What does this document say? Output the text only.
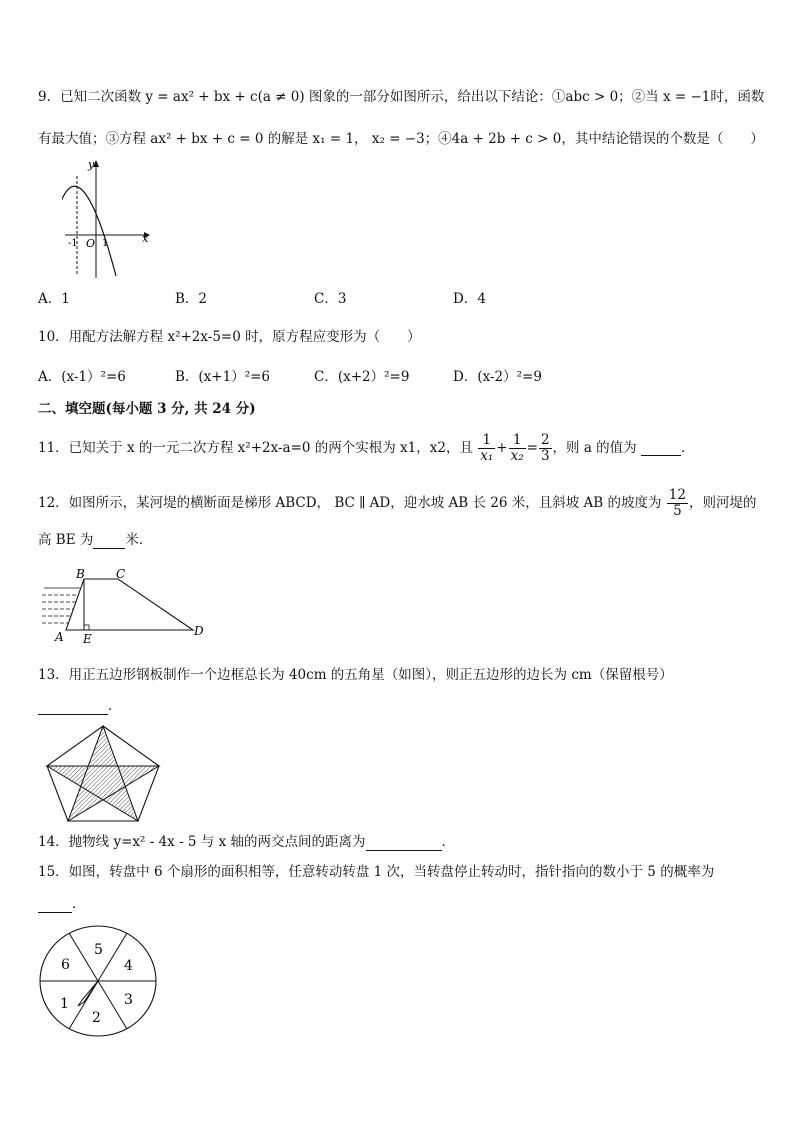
9．已知二次函数 y = ax² + bx + c(a ≠ 0) 图象的一部分如图所示，给出以下结论：①abc > 0；②当 x = −1时，函数
有最大值；③方程 ax² + bx + c = 0 的解是 x₁ = 1， x₂ = −3；④4a + 2b + c > 0，其中结论错误的个数是（　　）
y
x
-1 O 1
A．1	B．2	C．3	D．4
10．用配方法解方程 x²+2x-5=0 时，原方程应变形为（　　）
A．(x-1）²=6	B．(x+1）²=6	C．(x+2）²=9	D．(x-2）²=9
二、填空题(每小题 3 分, 共 24 分)
11．已知关于 x 的一元二次方程 x²+2x-a=0 的两个实根为 x1，x2，且 $\frac{1}{\text{x₁}} + \frac{1}{\text{x₂}} = \frac{2}{3}$ ，则 a 的值为	．
12．如图所示，某河堤的横断面是梯形 ABCD， BC ∥ AD，迎水坡 AB 长 26 米，且斜坡 AB 的坡度为 $\frac{12}{5}$ ，则河堤的
高 BE 为 米．
B	C
A E
D
13．用正五边形钢板制作一个边框总长为 40cm 的五角星（如图），则正五边形的边长为 cm（保留根号）
．
14．抛物线 y=x² - 4x - 5 与 x 轴的两交点间的距离为	．
15．如图，转盘中 6 个扇形的面积相等，任意转动转盘 1 次，当转盘停止转动时，指针指向的数小于 5 的概率为
．
5
4
3
2
1
6
